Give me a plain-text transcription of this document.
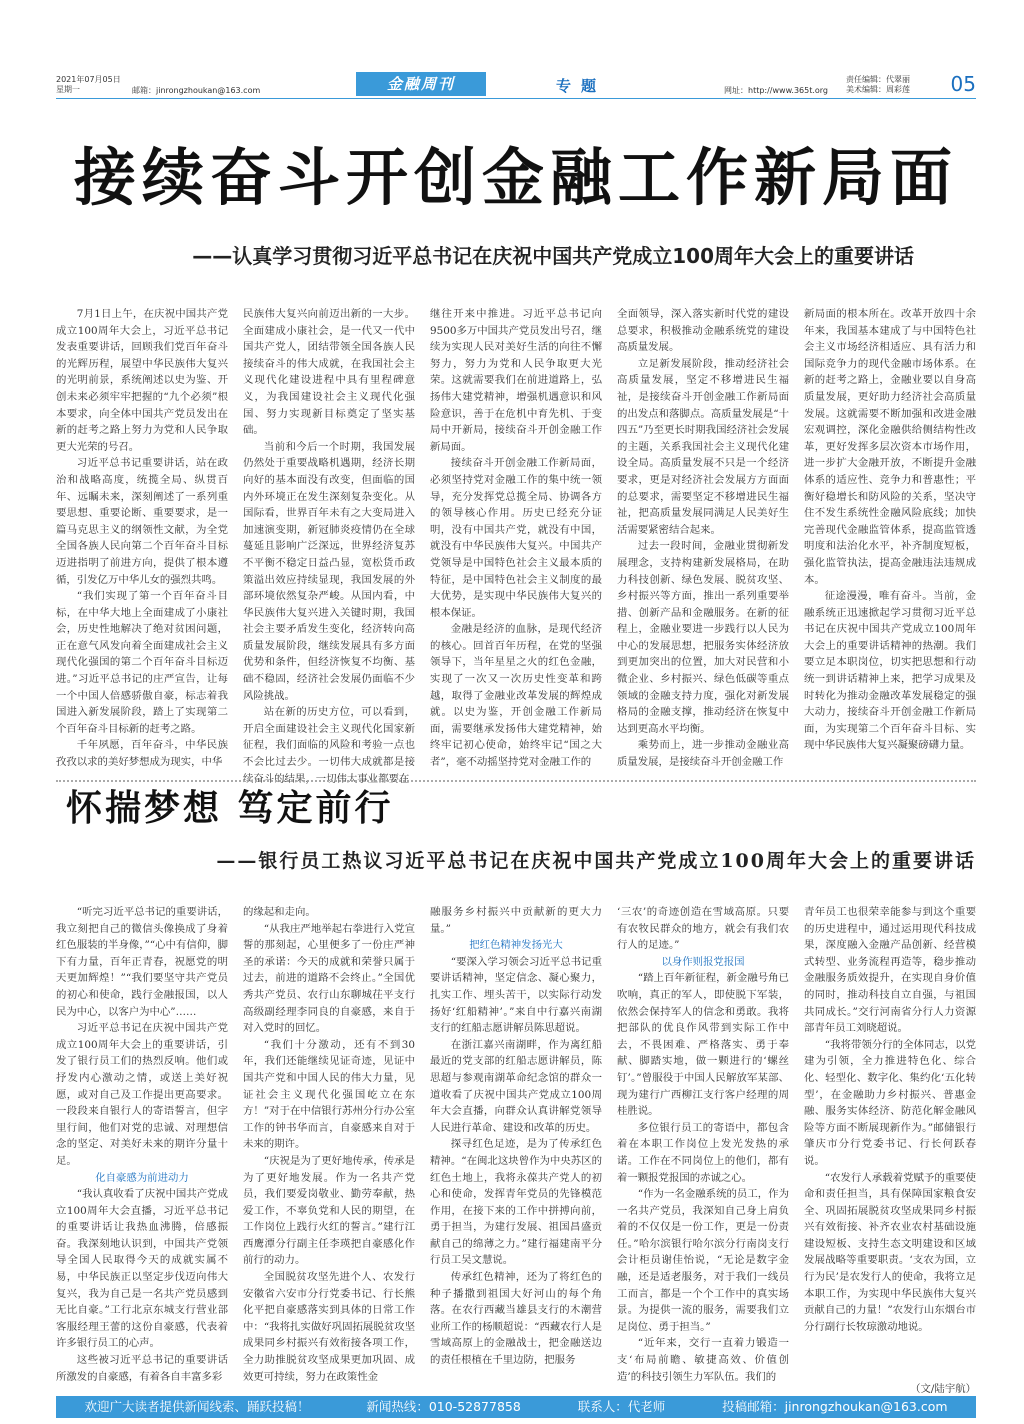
2021年07月05日
星期一	邮箱：jinrongzhoukan@163.com	金融周刊	专题	网址：http://www.365t.org
责任编辑：代翠丽
美术编辑：周彩莲 05
接续奋斗开创金融工作新局面
——认真学习贯彻习近平总书记在庆祝中国共产党成立100周年大会上的重要讲话

7月1日上午，在庆祝中国共产党成立100周年大会上，习近平总书记发表重要讲话，回顾我们党百年奋斗的光辉历程，展望中华民族伟大复兴的光明前景，系统阐述以史为鉴、开创未来必须牢牢把握的“九个必须”根本要求，向全体中国共产党员发出在新的赶考之路上努力为党和人民争取更大光荣的号召。

习近平总书记重要讲话，站在政治和战略高度，统揽全局、纵贯百年、远瞩未来，深刻阐述了一系列重要思想、重要论断、重要要求，是一篇马克思主义的纲领性文献，为全党全国各族人民向第二个百年奋斗目标迈进指明了前进方向，提供了根本遵循，引发亿万中华儿女的强烈共鸣。

“我们实现了第一个百年奋斗目标，在中华大地上全面建成了小康社会，历史性地解决了绝对贫困问题，正在意气风发向着全面建成社会主义现代化强国的第二个百年奋斗目标迈进。”习近平总书记的庄严宣告，让每一个中国人倍感骄傲自豪，标志着我国进入新发展阶段，踏上了实现第二个百年奋斗目标新的赶考之路。

千年夙愿，百年奋斗，中华民族孜孜以求的美好梦想成为现实，中华

民族伟大复兴向前迈出新的一大步。全面建成小康社会，是一代又一代中国共产党人，团结带领全国各族人民接续奋斗的伟大成就，在我国社会主义现代化建设进程中具有里程碑意义，为我国建设社会主义现代化强国、努力实现新目标奠定了坚实基础。

当前和今后一个时期，我国发展仍然处于重要战略机遇期，经济长期向好的基本面没有改变，但面临的国内外环境正在发生深刻复杂变化。从国际看，世界百年未有之大变局进入加速演变期，新冠肺炎疫情仍在全球蔓延且影响广泛深远，世界经济复苏不平衡不稳定日益凸显，宽松货币政策溢出效应持续显现，我国发展的外部环境依然复杂严峻。从国内看，中华民族伟大复兴进入关键时期，我国社会主要矛盾发生变化，经济转向高质量发展阶段，继续发展具有多方面优势和条件，但经济恢复不均衡、基础不稳固，经济社会发展仍面临不少风险挑战。

站在新的历史方位，可以看到，开启全面建设社会主义现代化国家新征程，我们面临的风险和考验一点也不会比过去少。一切伟大成就都是接续奋斗的结果，一切伟大事业都要在

继往开来中推进。习近平总书记向9500多万中国共产党员发出号召，继续为实现人民对美好生活的向往不懈努力，努力为党和人民争取更大光荣。这就需要我们在前进道路上，弘扬伟大建党精神，增强机遇意识和风险意识，善于在危机中育先机、于变局中开新局，接续奋斗开创金融工作新局面。

接续奋斗开创金融工作新局面，必须坚持党对金融工作的集中统一领导，充分发挥党总揽全局、协调各方的领导核心作用。历史已经充分证明，没有中国共产党，就没有中国，就没有中华民族伟大复兴。中国共产党领导是中国特色社会主义最本质的特征，是中国特色社会主义制度的最大优势，是实现中华民族伟大复兴的根本保证。

金融是经济的血脉，是现代经济的核心。回首百年历程，在党的坚强领导下，当年星星之火的红色金融，实现了一次又一次历史性变革和跨越，取得了金融业改革发展的辉煌成就。以史为鉴，开创金融工作新局面，需要继承发扬伟大建党精神，始终牢记初心使命，始终牢记“国之大者”，毫不动摇坚持党对金融工作的

全面领导，深入落实新时代党的建设总要求，积极推动金融系统党的建设高质量发展。

立足新发展阶段，推动经济社会高质量发展，坚定不移增进民生福祉，是接续奋斗开创金融工作新局面的出发点和落脚点。高质量发展是“十四五”乃至更长时期我国经济社会发展的主题，关系我国社会主义现代化建设全局。高质量发展不只是一个经济要求，更是对经济社会发展方方面面的总要求，需要坚定不移增进民生福祉，把高质量发展同满足人民美好生活需要紧密结合起来。

过去一段时间，金融业贯彻新发展理念，支持构建新发展格局，在助力科技创新、绿色发展、脱贫攻坚、乡村振兴等方面，推出一系列重要举措、创新产品和金融服务。在新的征程上，金融业要进一步践行以人民为中心的发展思想，把服务实体经济放到更加突出的位置，加大对民营和小微企业、乡村振兴、绿色低碳等重点领域的金融支持力度，强化对新发展格局的金融支撑，推动经济在恢复中达到更高水平均衡。

乘势而上，进一步推动金融业高质量发展，是接续奋斗开创金融工作

新局面的根本所在。改革开放四十余年来，我国基本建成了与中国特色社会主义市场经济相适应、具有活力和国际竞争力的现代金融市场体系。在新的赶考之路上，金融业要以自身高质量发展，更好助力经济社会高质量发展。这就需要不断加强和改进金融宏观调控，深化金融供给侧结构性改革，更好发挥多层次资本市场作用，进一步扩大金融开放，不断提升金融体系的适应性、竞争力和普惠性；平衡好稳增长和防风险的关系，坚决守住不发生系统性金融风险底线；加快完善现代金融监管体系，提高监管透明度和法治化水平，补齐制度短板，强化监管执法，提高金融违法违规成本。

征途漫漫，唯有奋斗。当前，金融系统正迅速掀起学习贯彻习近平总书记在庆祝中国共产党成立100周年大会上的重要讲话精神的热潮。我们要立足本职岗位，切实把思想和行动统一到讲话精神上来，把学习成果及时转化为推动金融改革发展稳定的强大动力，接续奋斗开创金融工作新局面，为实现第二个百年奋斗目标、实现中华民族伟大复兴凝聚磅礴力量。

怀揣梦想 笃定前行
——银行员工热议习近平总书记在庆祝中国共产党成立100周年大会上的重要讲话

“听完习近平总书记的重要讲话，我立刻把自己的微信头像换成了身着红色服装的半身像，”“心中有信仰，脚下有力量，百年正青春，祝愿党的明天更加辉煌！”“我们要坚守共产党员的初心和使命，践行金融报国，以人民为中心，以客户为中心”……

习近平总书记在庆祝中国共产党成立100周年大会上的重要讲话，引发了银行员工们的热烈反响。他们或抒发内心激动之情，或送上美好祝愿，或对自己及工作提出更高要求。一段段来自银行人的寄语誓言，但字里行间，他们对党的忠诚、对理想信念的坚定、对美好未来的期许分量十足。

化自豪感为前进动力

“我认真收看了庆祝中国共产党成立100周年大会直播，习近平总书记的重要讲话让我热血沸腾，倍感振奋。我深刻地认识到，中国共产党领导全国人民取得今天的成就实属不易，中华民族正以坚定步伐迈向伟大复兴，我为自己是一名共产党员感到无比自豪。”工行北京东城支行营业部客服经理王蕾的这份自豪感，代表着许多银行员工的心声。

这些被习近平总书记的重要讲话所激发的自豪感，有着各自丰富多彩

的缘起和走向。

“从我庄严地举起右拳进行入党宣誓的那刻起，心里便多了一份庄严神圣的承诺：今天的成就和荣誉只属于过去，前进的道路不会终止。”全国优秀共产党员、农行山东聊城茌平支行高级副经理李同良的自豪感，来自于对入党时的回忆。

“我们十分激动，还有不到30年，我们还能继续见证奇迹，见证中国共产党和中国人民的伟大力量，见证社会主义现代化强国屹立在东方！”对于在中信银行苏州分行办公室工作的钟书华而言，自豪感来自对于未来的期许。

“庆祝是为了更好地传承，传承是为了更好地发展。作为一名共产党员，我们要爱岗敬业、勤劳奉献，热爱工作，不辜负党和人民的期望，在工作岗位上践行火红的誓言。”建行江西鹰潭分行副主任李瑛把自豪感化作前行的动力。

全国脱贫攻坚先进个人、农发行安徽省六安市分行党委书记、行长熊化平把自豪感落实到具体的日常工作中：“我将扎实做好巩固拓展脱贫攻坚成果同乡村振兴有效衔接各项工作，全力助推脱贫攻坚成果更加巩固、成效更可持续，努力在政策性金

融服务乡村振兴中贡献新的更大力量。”

把红色精神发扬光大

“要深入学习领会习近平总书记重要讲话精神，坚定信念、凝心聚力，扎实工作、埋头苦干，以实际行动发扬好‘红船精神’。”来自中行嘉兴南湖支行的红船志愿讲解员陈思超说。

在浙江嘉兴南湖畔，作为离红船最近的党支部的红船志愿讲解员，陈思超与参观南湖革命纪念馆的群众一道收看了庆祝中国共产党成立100周年大会直播，向群众认真讲解党领导人民进行革命、建设和改革的历史。

探寻红色足迹，是为了传承红色精神。“在闽北这块曾作为中央苏区的红色土地上，我将永葆共产党人的初心和使命，发挥青年党员的先锋模范作用，在接下来的工作中拼搏向前，勇于担当，为建行发展、祖国昌盛贡献自己的绵薄之力。”建行福建南平分行员工吴文慧说。

传承红色精神，还为了将红色的种子播撒到祖国大好河山的每个角落。在农行西藏当雄县支行的木潮营业所工作的杨顺超说：“西藏农行人是雪域高原上的金融战士，把金融送边的责任根植在千里边防，把服务

‘三农’的奇迹创造在雪域高原。只要有农牧民群众的地方，就会有我们农行人的足迹。”

以身作则报党报国

“踏上百年新征程，新金融号角已吹响，真正的军人，即使脱下军装，依然会保持军人的信念和勇敢。我将把部队的优良作风带到实际工作中去，不畏困难、严格落实、勇于奉献、脚踏实地，做一颗进行的‘螺丝钉’。”曾服役于中国人民解放军某部、现为建行广西柳江支行客户经理的周桂胜说。

多位银行员工的寄语中，都包含着在本职工作岗位上发光发热的承诺。工作在不同岗位上的他们，都有着一颗报党报国的赤诚之心。

“作为一名金融系统的员工，作为一名共产党员，我深知自己身上肩负着的不仅仅是一份工作，更是一份责任。”哈尔滨银行哈尔滨分行南岗支行会计柜员谢佳怡说，“无论是数字金融，还是适老服务，对于我们一线员工而言，都是一个个工作中的真实场景。为提供一流的服务，需要我们立足岗位、勇于担当。”

“近年来，交行一直着力锻造一支‘布局前瞻、敏捷高效、价值创造’的科技引领生力军队伍。我们的

青年员工也很荣幸能参与到这个重要的历史进程中，通过运用现代科技成果，深度融入金融产品创新、经营模式转型、业务流程再造等，稳步推动金融服务质效提升，在实现自身价值的同时，推动科技自立自强，与祖国共同成长。”交行河南省分行人力资源部青年员工刘晓超说。

“我将带领分行的全体同志，以党建为引领，全力推进特色化、综合化、轻型化、数字化、集约化‘五化转型’，在金融助力乡村振兴、普惠金融、服务实体经济、防范化解金融风险等方面不断展现新作为。”邮储银行肇庆市分行党委书记、行长何跃春说。

“农发行人承载着党赋予的重要使命和责任担当，具有保障国家粮食安全、巩固拓展脱贫攻坚成果同乡村振兴有效衔接、补齐农业农村基础设施建设短板、支持生态文明建设和区域发展战略等重要职责。‘支农为国，立行为民’是农发行人的使命，我将立足本职工作，为实现中华民族伟大复兴贡献自己的力量！”农发行山东烟台市分行副行长牧琼激动地说。

（文/陆宇航）
欢迎广大读者提供新闻线索、踊跃投稿！	新闻热线：010-52877858	联系人：代老师	投稿邮箱：jinrongzhoukan@163.com
